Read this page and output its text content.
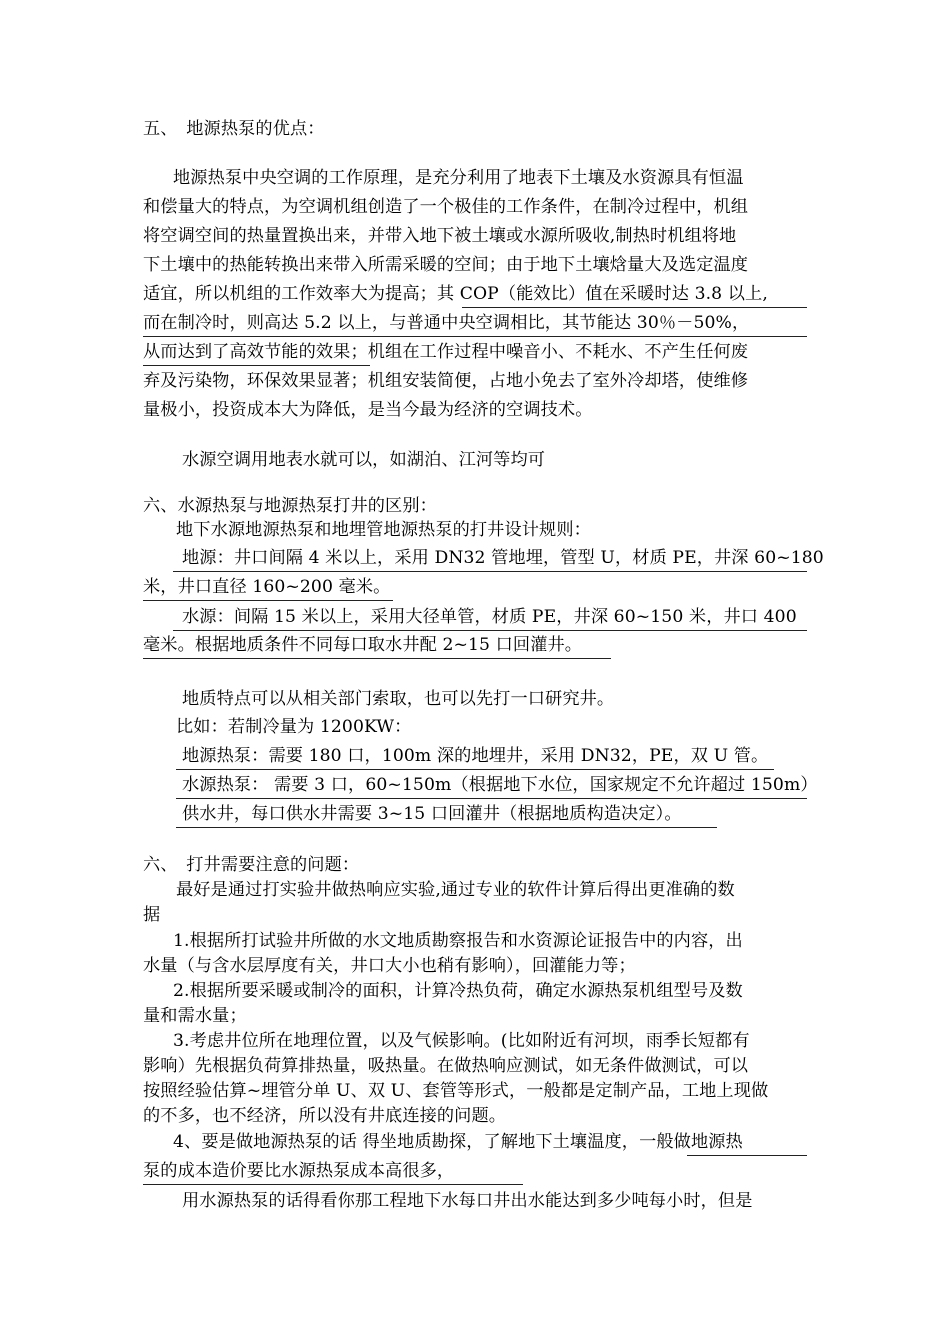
五、　地源热泵的优点：
地源热泵中央空调的工作原理，是充分利用了地表下土壤及水资源具有恒温
和偿量大的特点，为空调机组创造了一个极佳的工作条件，在制冷过程中，机组
将空调空间的热量置换出来，并带入地下被土壤或水源所吸收,制热时机组将地
下土壤中的热能转换出来带入所需采暖的空间；由于地下土壤焓量大及选定温度
适宜，所以机组的工作效率大为提高；其 COP（能效比）值在采暖时达 3.8 以上,
而在制冷时，则高达 5.2 以上，与普通中央空调相比，其节能达 30％－50%，
从而达到了高效节能的效果；机组在工作过程中噪音小、不耗水、不产生任何废
弃及污染物，环保效果显著；机组安装简便，占地小免去了室外冷却塔，使维修
量极小，投资成本大为降低，是当今最为经济的空调技术。
水源空调用地表水就可以，如湖泊、江河等均可
六、水源热泵与地源热泵打井的区别：
地下水源地源热泵和地埋管地源热泵的打井设计规则：
地源：井口间隔 4 米以上，采用 DN32 管地埋，管型 U，材质 PE，井深 60~180
米，井口直径 160~200 毫米。
水源：间隔 15 米以上，采用大径单管，材质 PE，井深 60~150 米，井口 400
毫米。根据地质条件不同每口取水井配 2~15 口回灌井。
地质特点可以从相关部门索取，也可以先打一口研究井。
比如：若制冷量为 1200KW：
地源热泵：需要 180 口，100m 深的地埋井，采用 DN32，PE，双 U 管。
水源热泵： 需要 3 口，60~150m（根据地下水位，国家规定不允许超过 150m）
供水井，每口供水井需要 3~15 口回灌井（根据地质构造决定）。
六、　打井需要注意的问题：
最好是通过打实验井做热响应实验,通过专业的软件计算后得出更准确的数
据
1.根据所打试验井所做的水文地质勘察报告和水资源论证报告中的内容，出
水量（与含水层厚度有关，井口大小也稍有影响），回灌能力等；
2.根据所要采暖或制冷的面积，计算冷热负荷，确定水源热泵机组型号及数
量和需水量；
3.考虑井位所在地理位置，以及气候影响。(比如附近有河坝，雨季长短都有
影响）先根据负荷算排热量，吸热量。在做热响应测试，如无条件做测试，可以
按照经验估算~埋管分单 U、双 U、套管等形式，一般都是定制产品，工地上现做
的不多，也不经济，所以没有井底连接的问题。
4、要是做地源热泵的话 得坐地质勘探，了解地下土壤温度，一般做地源热
泵的成本造价要比水源热泵成本高很多，
用水源热泵的话得看你那工程地下水每口井出水能达到多少吨每小时，但是
